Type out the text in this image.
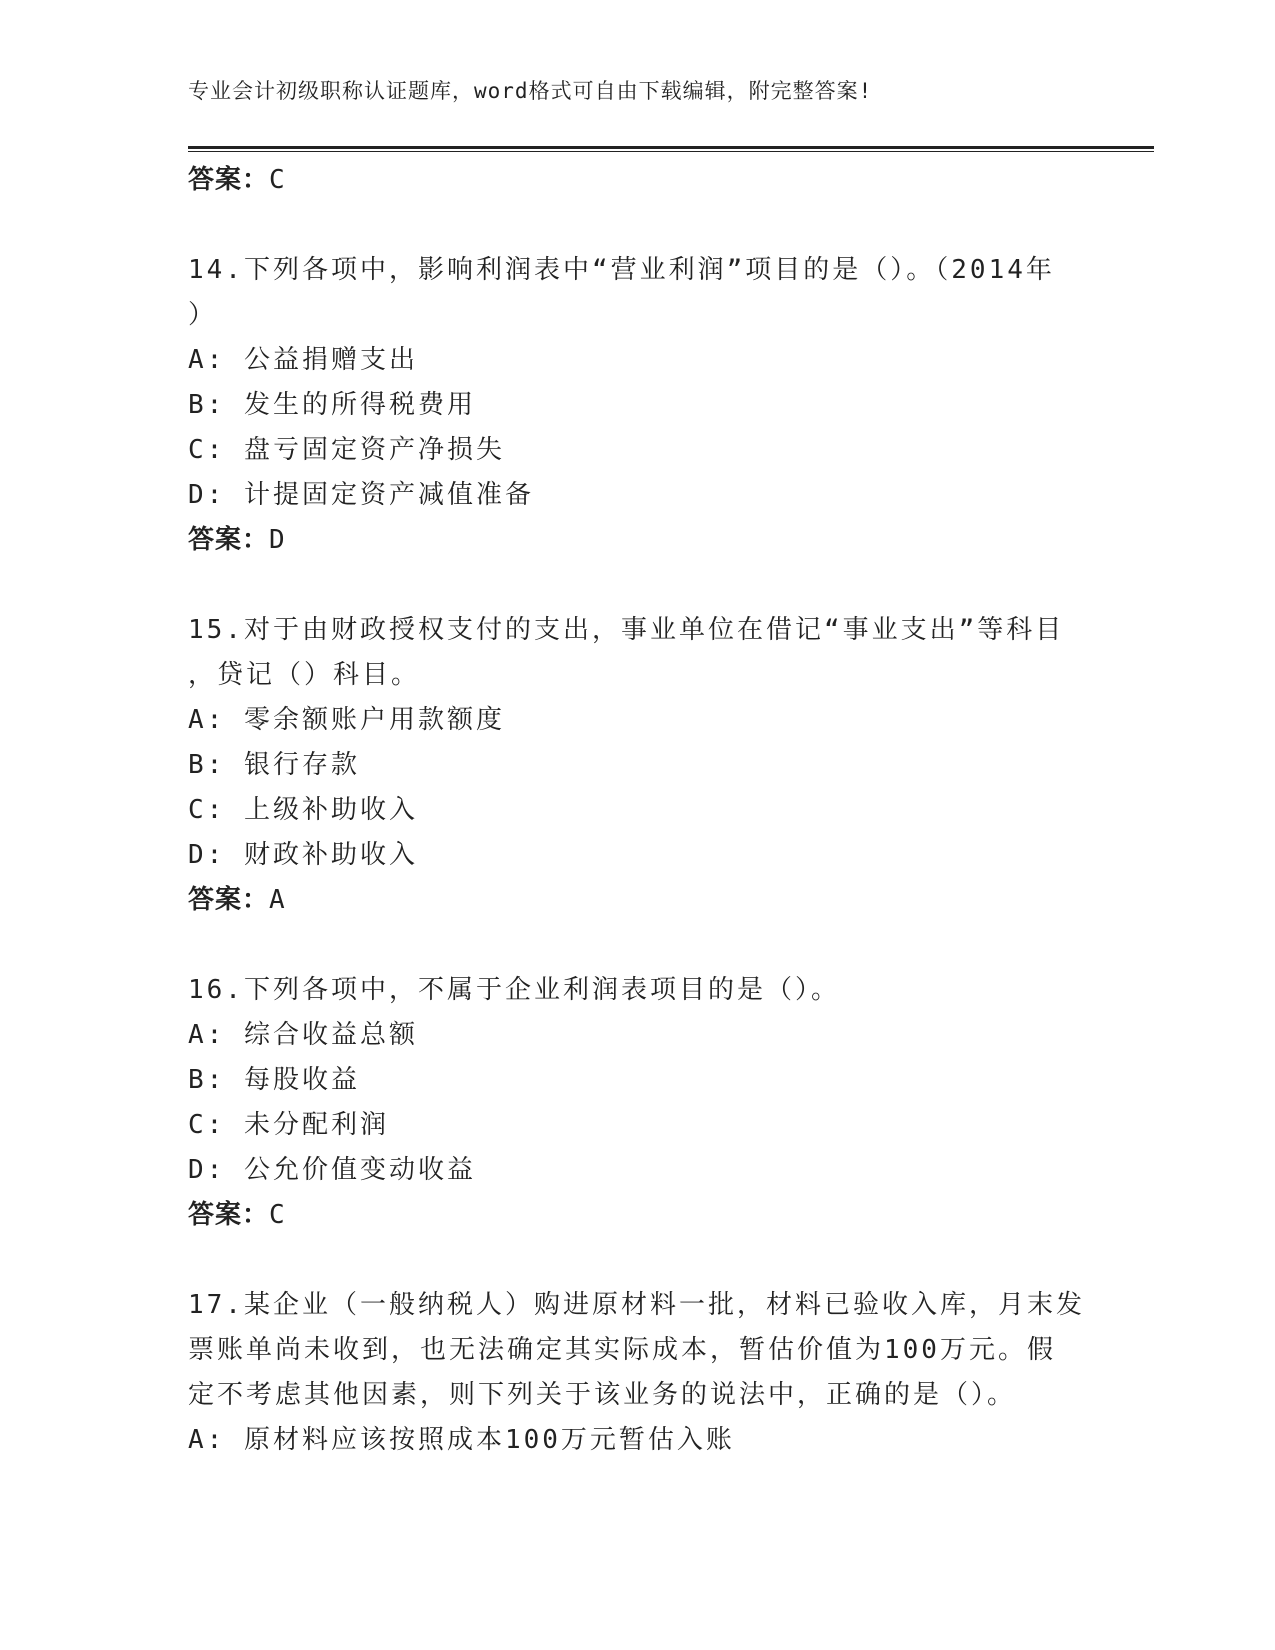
专业会计初级职称认证题库，word格式可自由下载编辑，附完整答案!
答案：C
14.下列各项中，影响利润表中“营业利润”项目的是（）。（2014年
）
A: 公益捐赠支出
B: 发生的所得税费用
C: 盘亏固定资产净损失
D: 计提固定资产减值准备
答案：D
15.对于由财政授权支付的支出，事业单位在借记“事业支出”等科目
，贷记（）科目。
A: 零余额账户用款额度
B: 银行存款
C: 上级补助收入
D: 财政补助收入
答案：A
16.下列各项中，不属于企业利润表项目的是（）。
A: 综合收益总额
B: 每股收益
C: 未分配利润
D: 公允价值变动收益
答案：C
17.某企业（一般纳税人）购进原材料一批，材料已验收入库，月末发
票账单尚未收到，也无法确定其实际成本，暂估价值为100万元。假
定不考虑其他因素，则下列关于该业务的说法中，正确的是（）。
A: 原材料应该按照成本100万元暂估入账
